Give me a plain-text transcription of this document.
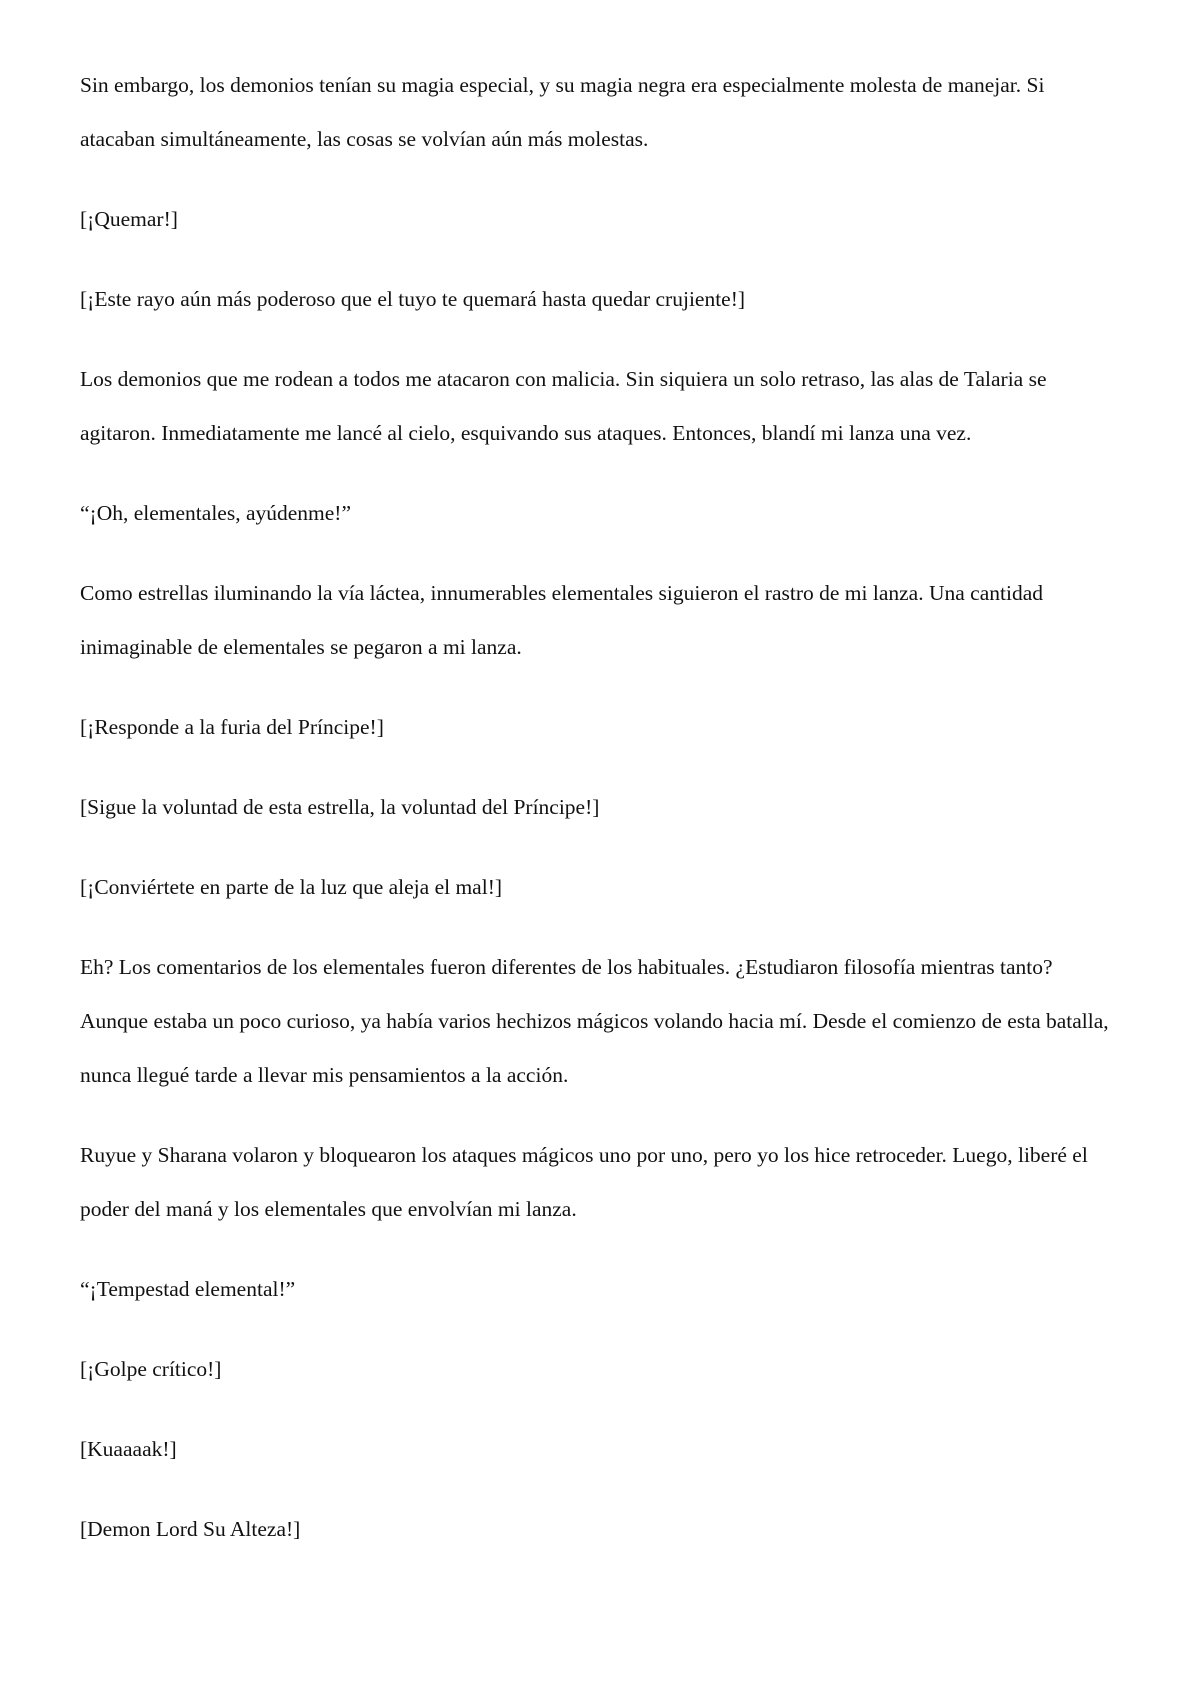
Sin embargo, los demonios tenían su magia especial, y su magia negra era especialmente molesta de manejar. Si atacaban simultáneamente, las cosas se volvían aún más molestas.

[¡Quemar!]

[¡Este rayo aún más poderoso que el tuyo te quemará hasta quedar crujiente!]

Los demonios que me rodean a todos me atacaron con malicia. Sin siquiera un solo retraso, las alas de Talaria se agitaron. Inmediatamente me lancé al cielo, esquivando sus ataques. Entonces, blandí mi lanza una vez.

“¡Oh, elementales, ayúdenme!”

Como estrellas iluminando la vía láctea, innumerables elementales siguieron el rastro de mi lanza. Una cantidad inimaginable de elementales se pegaron a mi lanza.

[¡Responde a la furia del Príncipe!]

[Sigue la voluntad de esta estrella, la voluntad del Príncipe!]

[¡Conviértete en parte de la luz que aleja el mal!]

Eh? Los comentarios de los elementales fueron diferentes de los habituales. ¿Estudiaron filosofía mientras tanto? Aunque estaba un poco curioso, ya había varios hechizos mágicos volando hacia mí. Desde el comienzo de esta batalla, nunca llegué tarde a llevar mis pensamientos a la acción.

Ruyue y Sharana volaron y bloquearon los ataques mágicos uno por uno, pero yo los hice retroceder. Luego, liberé el poder del maná y los elementales que envolvían mi lanza.

“¡Tempestad elemental!”

[¡Golpe crítico!]

[Kuaaaak!]

[Demon Lord Su Alteza!]
